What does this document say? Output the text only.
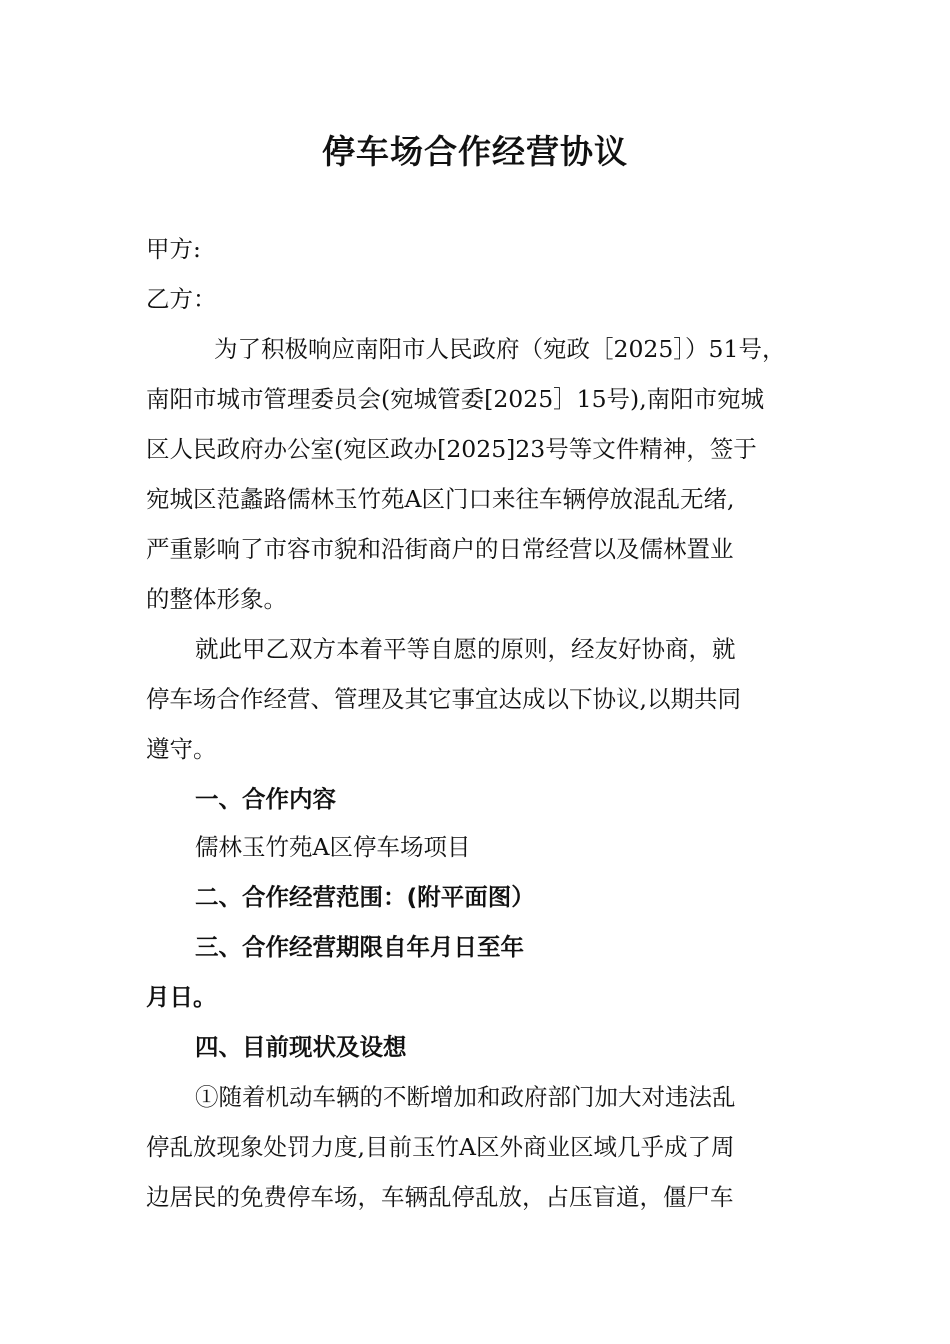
停车场合作经营协议
甲方:
乙方：
为了积极响应南阳市人民政府（宛政［2025］）51号，
南阳市城市管理委员会(宛城管委[2025］15号),南阳市宛城
区人民政府办公室(宛区政办[2025]23号等文件精神，签于
宛城区范蠡路儒林玉竹苑A区门口来往车辆停放混乱无绪,
严重影响了市容市貌和沿街商户的日常经营以及儒林置业
的整体形象。
就此甲乙双方本着平等自愿的原则，经友好协商，就
停车场合作经营、管理及其它事宜达成以下协议,以期共同
遵守。
一、合作内容
儒林玉竹苑A区停车场项目
二、合作经营范围：(附平面图）
三、合作经营期限自年月日至年
月日。
四、目前现状及设想
①随着机动车辆的不断增加和政府部门加大对违法乱
停乱放现象处罚力度,目前玉竹A区外商业区域几乎成了周
边居民的免费停车场，车辆乱停乱放，占压盲道，僵尸车
